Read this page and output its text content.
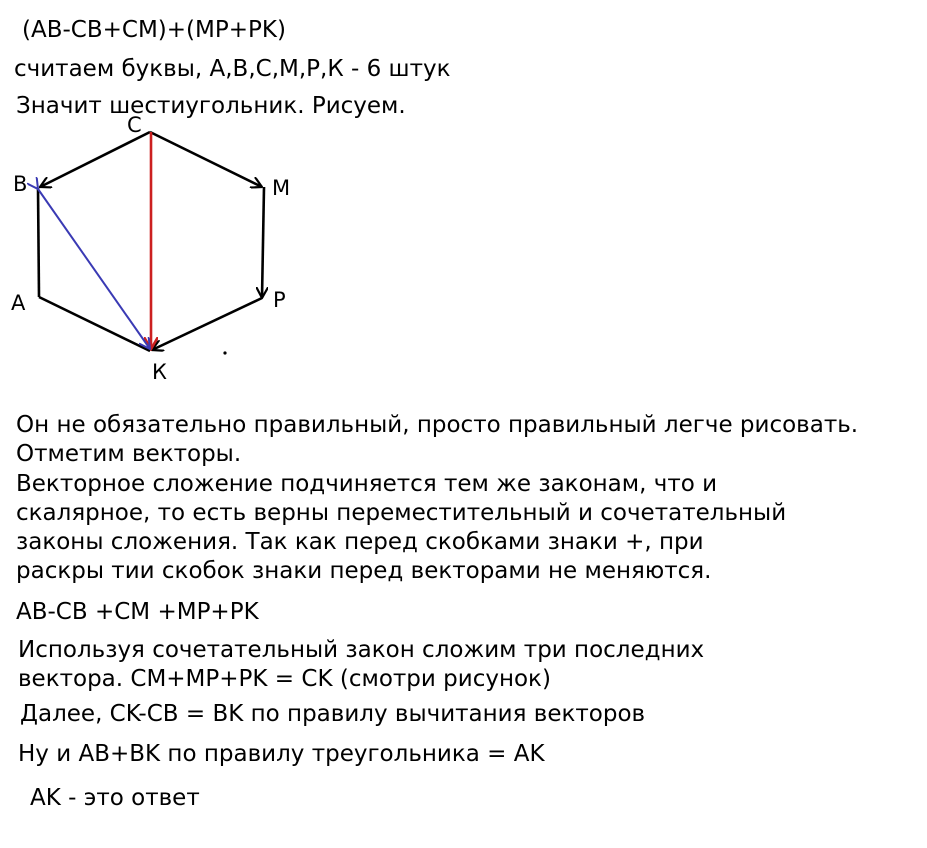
(AB-CB+CM)+(MP+PK)
считаем буквы, А,В,С,М,Р,К - 6 штук
Значит шестиугольник. Рисуем.
С
В	М
А	Р
К
Он не обязательно правильный, просто правильный легче рисовать.
Отметим векторы.
Векторное сложение подчиняется тем же законам, что и
скалярное, то есть верны переместительный и сочетательный
законы сложения. Так как перед скобками знаки +, при
раскры тии скобок знаки перед векторами не меняются.
AB-CB +CM +MP+PK
Используя сочетательный закон сложим три последних
вектора. CM+MP+PK = CK (смотри рисунок)
Далее, CK-CB = BK по правилу вычитания векторов
Ну и AB+BK по правилу треугольника = AK
AK - это ответ
